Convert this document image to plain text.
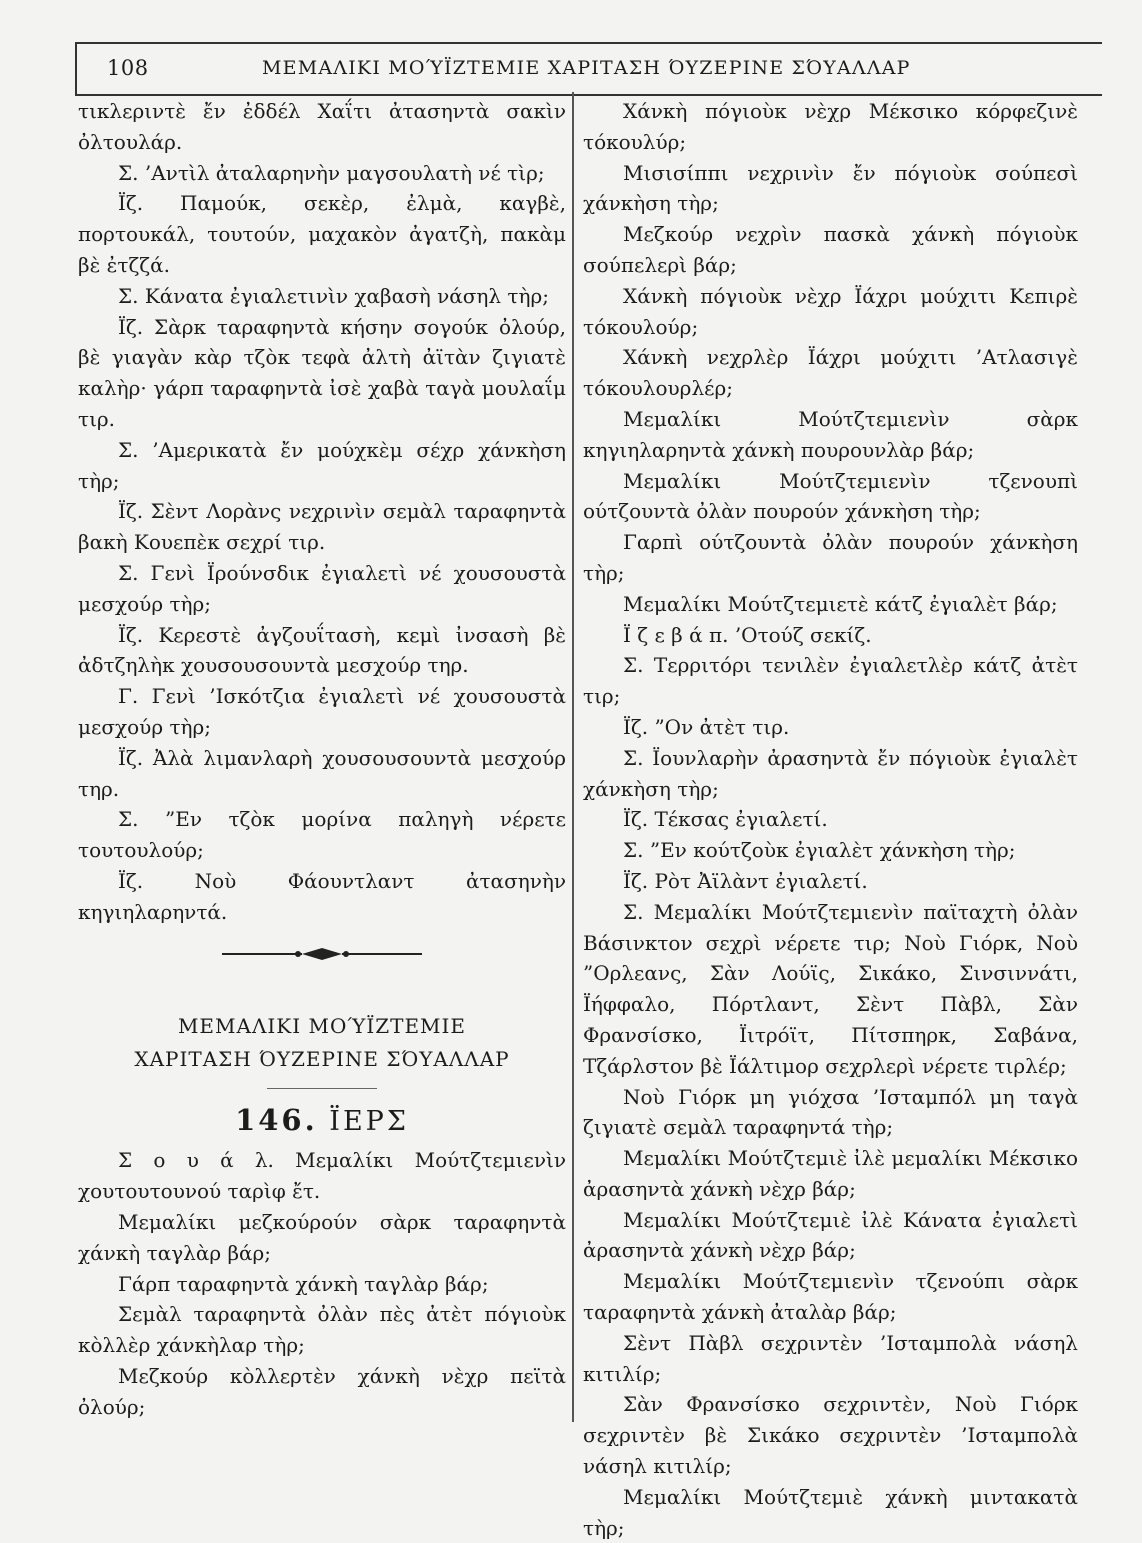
108	ΜΕΜΑΛΙΚΙ ΜΟΎΪΖΤΕΜΙΕ ΧΑΡΙΤΑΣΗ ΌΥΖΕΡΙΝΕ ΣΌΥΑΛΛΑΡ

τικλεριντὲ ἔν ἐδδέλ Χαΐτι ἀτασηντὰ σακὶν ὀλτουλάρ.

Σ. ’Αντὶλ ἀταλαρηνὴν μαγσουλατὴ νέ τὶρ;

Ϊζ. Παμούκ, σεκὲρ, ἐλμὰ, καγβὲ, πορτουκάλ, τουτούν, μαχακὸν ἀγατζὴ, πακὰμ βὲ ἐτζζά.

Σ. Κάνατα ἐγιαλετινὶν χαβασὴ νάσηλ τὴρ;

Ϊζ. Σὰρκ ταραφηντὰ κήσην σογούκ ὀλούρ, βὲ γιαγὰν κὰρ τζὸκ τεφὰ ἀλτὴ ἀϊτὰν ζιγιατὲ καλὴρ· γάρπ ταραφηντὰ ἰσὲ χαβὰ ταγὰ μουλαΐμ τιρ.

Σ. ’Αμερικατὰ ἔν μούχκὲμ σέχρ χάνκὴση τὴρ;

Ϊζ. Σὲντ Λορὰνς νεχρινὶν σεμὰλ ταραφηντὰ βακὴ Κουεπὲκ σεχρί τιρ.

Σ. Γενὶ Ϊρούνσδικ ἐγιαλετὶ νέ χουσουστὰ μεσχούρ τὴρ;

Ϊζ. Κερεστὲ ἀγζουΐτασὴ, κεμὶ ἰνσασὴ βὲ ἀδτζηλὴκ χουσουσουντὰ μεσχούρ τηρ.

Γ. Γενὶ ’Ισκότζια ἐγιαλετὶ νέ χουσουστὰ μεσχούρ τὴρ;

Ϊζ. Ἀλὰ λιμανλαρὴ χουσουσουντὰ μεσχούρ τηρ.

Σ. ”Εν τζὸκ μορίνα παληγὴ νέρετε τουτουλούρ;

Ϊζ. Νοὺ Φάουντλαντ ἀτασηνὴν κηγιηλαρηντά.

ΜΕΜΑΛΙΚΙ ΜΟΎΪΖΤΕΜΙΕ
ΧΑΡΙΤΑΣΗ ΌΥΖΕΡΙΝΕ ΣΌΥΑΛΛΑΡ
146. ΪΕΡΣ

Σ ο υ ά λ. Μεμαλίκι Μούτζτεμιενὶν χουτουτουνού ταρὶφ ἔτ.

Μεμαλίκι μεζκούρούν σὰρκ ταραφηντὰ χάνκὴ ταγλὰρ βάρ;

Γάρπ ταραφηντὰ χάνκὴ ταγλὰρ βάρ;

Σεμὰλ ταραφηντὰ ὀλὰν πὲς ἀτὲτ πόγιοὺκ κὸλλὲρ χάνκὴλαρ τὴρ;

Μεζκούρ κὸλλερτὲν χάνκὴ νὲχρ πεϊτὰ ὀλούρ;

Χάνκὴ πόγιοὺκ νὲχρ Μέκσικο κόρφεζινὲ τόκουλύρ;

Μισισίππι νεχρινὶν ἔν πόγιοὺκ σούπεσὶ χάνκὴση τὴρ;

Μεζκούρ νεχρὶν πασκὰ χάνκὴ πόγιοὺκ σούπελερὶ βάρ;

Χάνκὴ πόγιοὺκ νὲχρ Ϊάχρι μούχιτι Κεπιρὲ τόκουλούρ;

Χάνκὴ νεχρλὲρ Ϊάχρι μούχιτι ’Ατλασιγὲ τόκουλουρλέρ;

Μεμαλίκι Μούτζτεμιενὶν σὰρκ κηγιηλαρηντὰ χάνκὴ πουρουνλὰρ βάρ;

Μεμαλίκι Μούτζτεμιενὶν τζενουπὶ ούτζουντὰ ὀλὰν πουρούν χάνκὴση τὴρ;

Γαρπὶ ούτζουντὰ ὀλὰν πουρούν χάνκὴση τὴρ;

Μεμαλίκι Μούτζτεμιετὲ κάτζ ἐγιαλὲτ βάρ;

Ϊ ζ ε β ά π. ’Οτούζ σεκίζ.

Σ. Τερριτόρι τενιλὲν ἐγιαλετλὲρ κάτζ ἀτὲτ τιρ;

Ϊζ. ”Ον ἀτὲτ τιρ.

Σ. Ϊουνλαρὴν ἀρασηντὰ ἔν πόγιοὺκ ἐγιαλὲτ χάνκὴση τὴρ;

Ϊζ. Τέκσας ἐγιαλετί.

Σ. ”Εν κούτζοὺκ ἐγιαλὲτ χάνκὴση τὴρ;

Ϊζ. Ρὸτ Ἀϊλὰντ ἐγιαλετί.

Σ. Μεμαλίκι Μούτζτεμιενὶν παϊταχτὴ ὀλὰν Βάσινκτον σεχρὶ νέρετε τιρ; Νοὺ Γιόρκ, Νοὺ ”Ορλεανς, Σὰν Λούϊς, Σικάκο, Σινσιννάτι, Ϊήφφαλο, Πόρτλαντ, Σὲντ Πὰβλ, Σὰν Φρανσίσκο, Ϊιτρόϊτ, Πίτσπηρκ, Σαβάνα, Τζάρλστον βὲ Ϊάλτιμορ σεχρλερὶ νέρετε τιρλέρ;

Νοὺ Γιόρκ μη γιόχσα ’Ισταμπόλ μη ταγὰ ζιγιατὲ σεμὰλ ταραφηντά τὴρ;

Μεμαλίκι Μούτζτεμιὲ ἰλὲ μεμαλίκι Μέκσικο ἀρασηντὰ χάνκὴ νὲχρ βάρ;

Μεμαλίκι Μούτζτεμιὲ ἰλὲ Κάνατα ἐγιαλετὶ ἀρασηντὰ χάνκὴ νὲχρ βάρ;

Μεμαλίκι Μούτζτεμιενὶν τζενούπι σὰρκ ταραφηντὰ χάνκὴ ἀταλὰρ βάρ;

Σὲντ Πὰβλ σεχριντὲν ’Ισταμπολὰ νάσηλ κιτιλίρ;

Σὰν Φρανσίσκο σεχριντὲν, Νοὺ Γιόρκ σεχριντὲν βὲ Σικάκο σεχριντὲν ’Ισταμπολὰ νάσηλ κιτιλίρ;

Μεμαλίκι Μούτζτεμιὲ χάνκὴ μιντακατὰ τὴρ;
